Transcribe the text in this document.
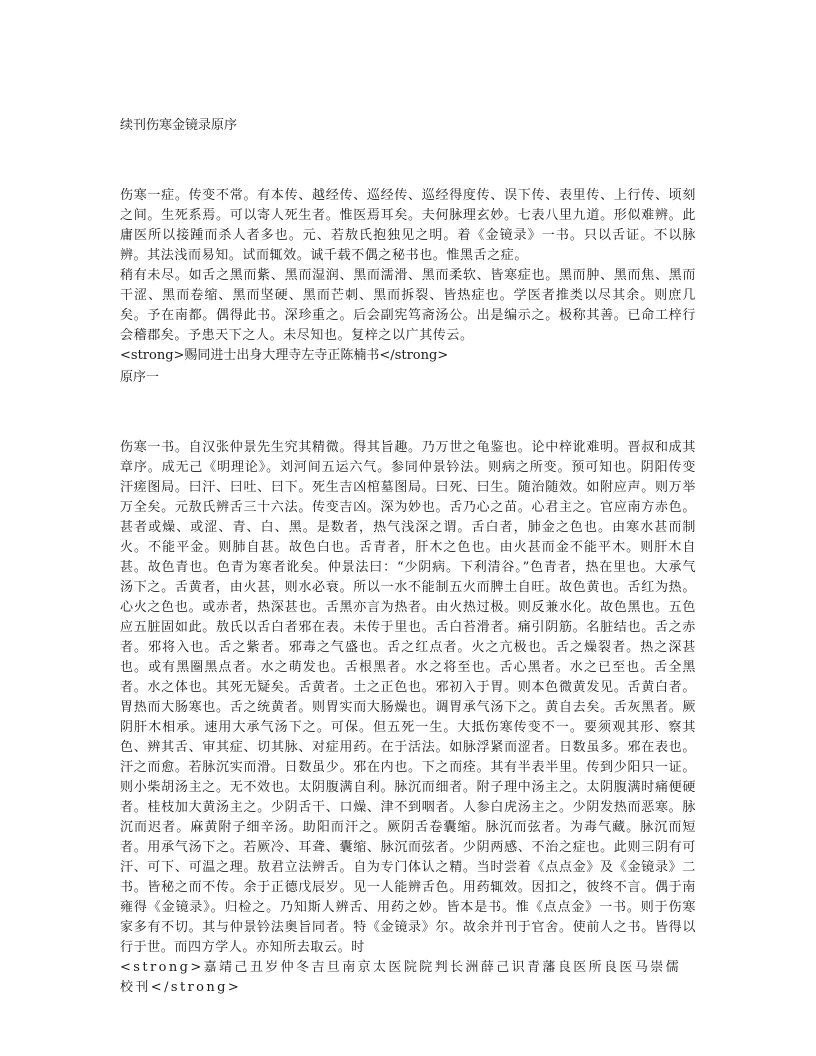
续刊伤寒金镜录原序

伤寒一症。传变不常。有本传、越经传、巡经传、巡经得度传、误下传、表里传、上行传、顷刻之间。生死系焉。可以寄人死生者。惟医焉耳矣。夫何脉理玄妙。七表八里九道。形似难辨。此庸医所以接踵而杀人者多也。元、若敖氏抱独见之明。着《金镜录》一书。只以舌证。不以脉辨。其法浅而易知。试而辄效。诚千载不偶之秘书也。惟黑舌之症。

稍有未尽。如舌之黑而紫、黑而湿润、黑而濡滑、黑而柔软、皆寒症也。黑而肿、黑而焦、黑而干涩、黑而卷缩、黑而坚硬、黑而芒刺、黑而拆裂、皆热症也。学医者推类以尽其余。则庶几矣。予在南都。偶得此书。深珍重之。后会副宪笃斋汤公。出是编示之。极称其善。已命工梓行会稽郡矣。予患天下之人。未尽知也。复梓之以广其传云。

<strong>赐同进士出身大理寺左寺正陈楠书</strong>

原序一

伤寒一书。自汉张仲景先生究其精微。得其旨趣。乃万世之龟鉴也。论中梓讹难明。晋叔和成其章序。成无己《明理论》。刘河间五运六气。参同仲景钤法。则病之所变。预可知也。阴阳传变汗瘥图局。曰汗、曰吐、曰下。死生吉凶棺墓图局。曰死、曰生。随治随效。如附应声。则万举万全矣。元敖氏辨舌三十六法。传变吉凶。深为妙也。舌乃心之苗。心君主之。官应南方赤色。甚者或燥、或涩、青、白、黑。是数者，热气浅深之谓。舌白者，肺金之色也。由寒水甚而制火。不能平金。则肺自甚。故色白也。舌青者，肝木之色也。由火甚而金不能平木。则肝木自甚。故色青也。色青为寒者讹矣。仲景法曰：“少阴病。下利清谷。”色青者，热在里也。大承气汤下之。舌黄者，由火甚，则水必衰。所以一水不能制五火而脾土自旺。故色黄也。舌红为热。心火之色也。或赤者，热深甚也。舌黑亦言为热者。由火热过极。则反兼水化。故色黑也。五色应五脏固如此。敖氏以舌白者邪在表。未传于里也。舌白苔滑者。痛引阴筋。名脏结也。舌之赤者。邪将入也。舌之紫者。邪毒之气盛也。舌之红点者。火之亢极也。舌之燥裂者。热之深甚也。或有黑圈黑点者。水之萌发也。舌根黑者。水之将至也。舌心黑者。水之已至也。舌全黑者。水之体也。其死无疑矣。舌黄者。土之正色也。邪初入于胃。则本色微黄发见。舌黄白者。胃热而大肠寒也。舌之统黄者。则胃实而大肠燥也。调胃承气汤下之。黄自去矣。舌灰黑者。厥阴肝木相承。速用大承气汤下之。可保。但五死一生。大抵伤寒传变不一。要须观其形、察其色、辨其舌、审其症、切其脉、对症用药。在于活法。如脉浮紧而涩者。日数虽多。邪在表也。汗之而愈。若脉沉实而滑。日数虽少。邪在内也。下之而痊。其有半表半里。传到少阳只一证。则小柴胡汤主之。无不效也。太阴腹满自利。脉沉而细者。附子理中汤主之。太阴腹满时痛便硬者。桂枝加大黄汤主之。少阴舌干、口燥、津不到咽者。人参白虎汤主之。少阴发热而恶寒。脉沉而迟者。麻黄附子细辛汤。助阳而汗之。厥阴舌卷囊缩。脉沉而弦者。为毒气藏。脉沉而短者。用承气汤下之。若厥冷、耳聋、囊缩、脉沉而弦者。少阴两感、不治之症也。此则三阴有可汗、可下、可温之理。敖君立法辨舌。自为专门体认之精。当时尝着《点点金》及《金镜录》二书。皆秘之而不传。余于正德戊辰岁。见一人能辨舌色。用药辄效。因扣之，彼终不言。偶于南雍得《金镜录》。归检之。乃知斯人辨舌、用药之妙。皆本是书。惟《点点金》一书。则于伤寒家多有不切。其与仲景钤法奥旨同者。特《金镜录》尔。故余并刊于官舍。使前人之书。皆得以行于世。而四方学人。亦知所去取云。时

<strong>嘉靖己丑岁仲冬吉旦南京太医院院判长洲薛己识青藩良医所良医马崇儒校刊</strong>
